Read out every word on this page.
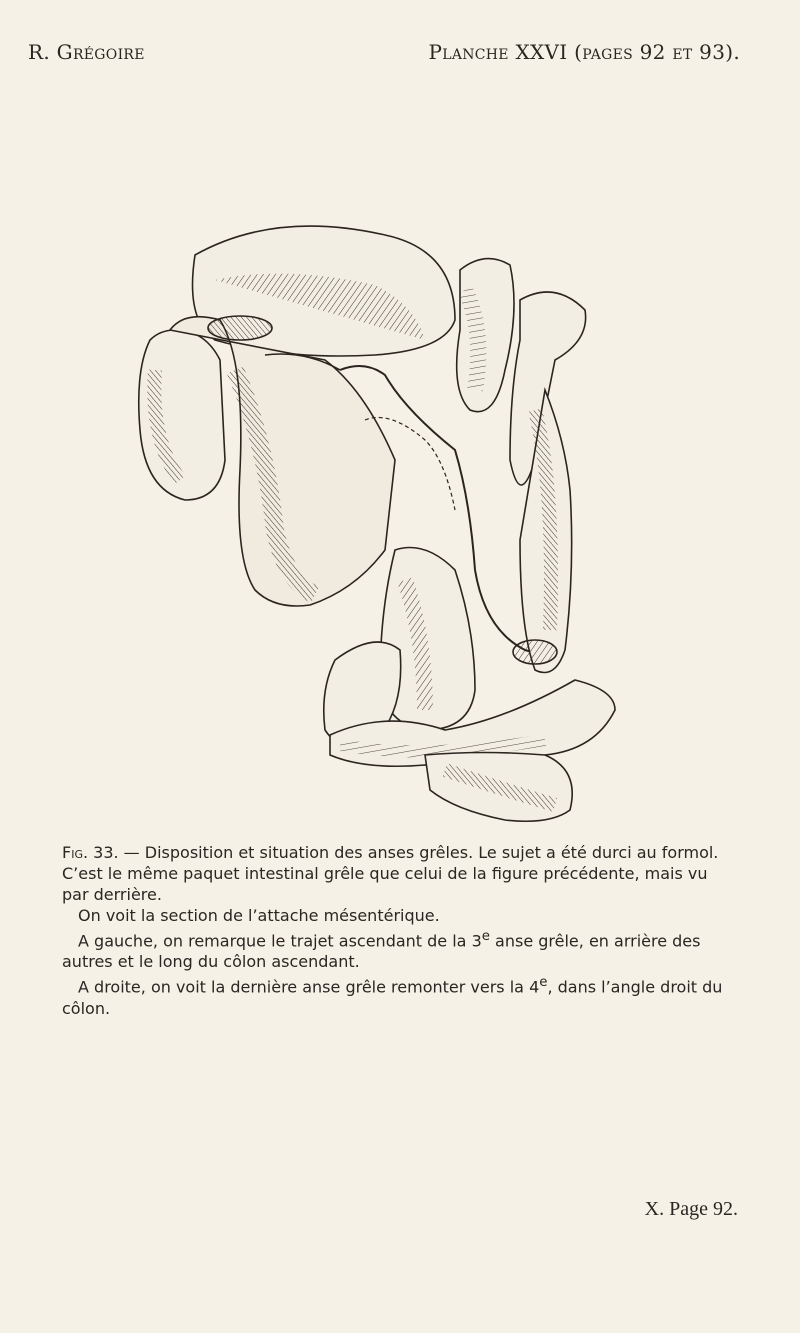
R. Grégoire	Planche XXVI (pages 92 et 93).

Fig. 33. — Disposition et situation des anses grêles. Le sujet a été durci au formol. C’est le même paquet intestinal grêle que celui de la figure précédente, mais vu par derrière.

On voit la section de l’attache mésentérique.

A gauche, on remarque le trajet ascendant de la 3e anse grêle, en arrière des autres et le long du côlon ascendant.

A droite, on voit la dernière anse grêle remonter vers la 4e, dans l’angle droit du côlon.

X. Page 92.
